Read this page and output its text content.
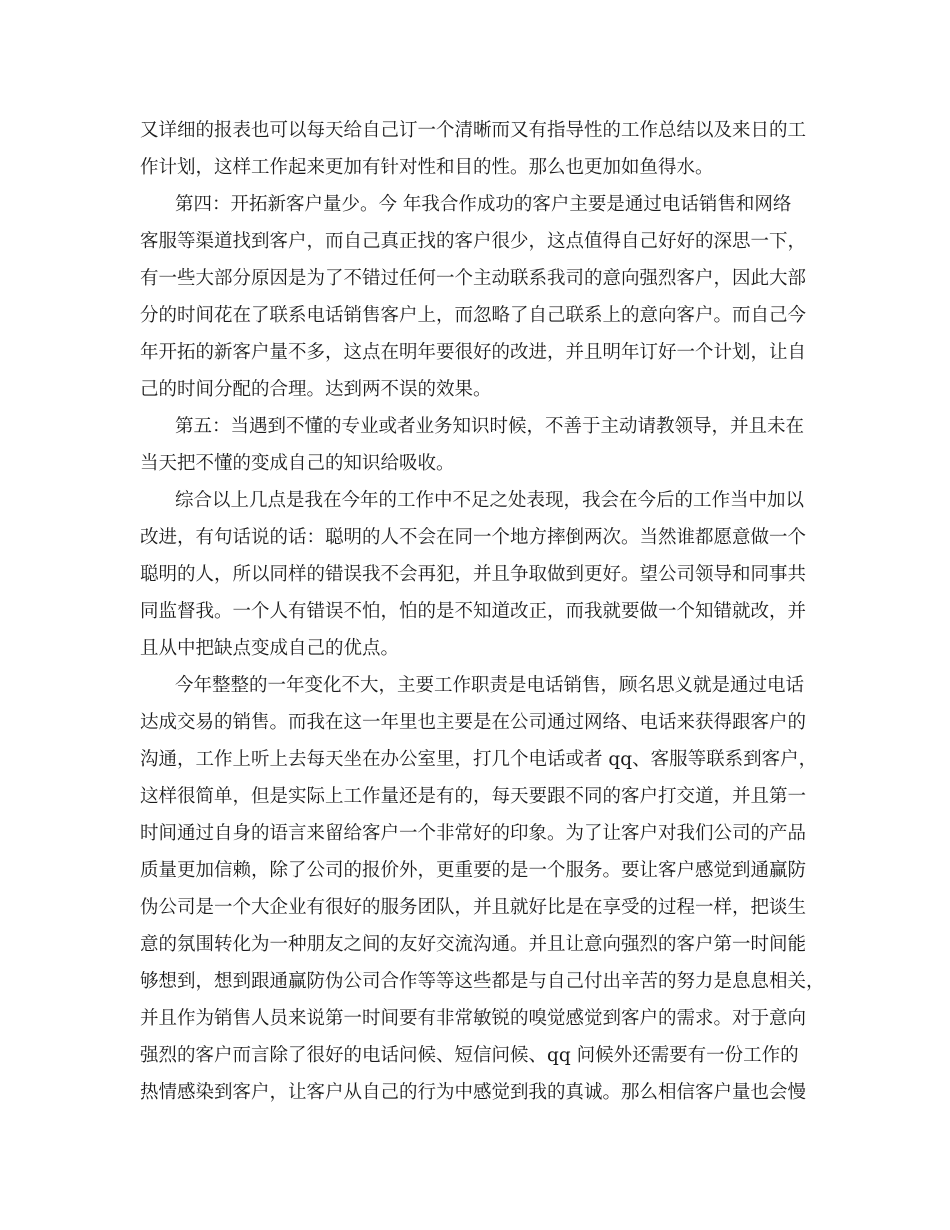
又详细的报表也可以每天给自己订一个清晰而又有指导性的工作总结以及来日的工
作计划，这样工作起来更加有针对性和目的性。那么也更加如鱼得水。
第四：开拓新客户量少。今 年我合作成功的客户主要是通过电话销售和网络
客服等渠道找到客户，而自己真正找的客户很少，这点值得自己好好的深思一下，
有一些大部分原因是为了不错过任何一个主动联系我司的意向强烈客户，因此大部
分的时间花在了联系电话销售客户上，而忽略了自己联系上的意向客户。而自己今
年开拓的新客户量不多，这点在明年要很好的改进，并且明年订好一个计划，让自
己的时间分配的合理。达到两不误的效果。
第五：当遇到不懂的专业或者业务知识时候，不善于主动请教领导，并且未在
当天把不懂的变成自己的知识给吸收。
综合以上几点是我在今年的工作中不足之处表现，我会在今后的工作当中加以
改进，有句话说的话：聪明的人不会在同一个地方摔倒两次。当然谁都愿意做一个
聪明的人，所以同样的错误我不会再犯，并且争取做到更好。望公司领导和同事共
同监督我。一个人有错误不怕，怕的是不知道改正，而我就要做一个知错就改，并
且从中把缺点变成自己的优点。
今年整整的一年变化不大，主要工作职责是电话销售，顾名思义就是通过电话
达成交易的销售。而我在这一年里也主要是在公司通过网络、电话来获得跟客户的
沟通，工作上听上去每天坐在办公室里，打几个电话或者 qq、客服等联系到客户，
这样很简单，但是实际上工作量还是有的，每天要跟不同的客户打交道，并且第一
时间通过自身的语言来留给客户一个非常好的印象。为了让客户对我们公司的产品
质量更加信赖，除了公司的报价外，更重要的是一个服务。要让客户感觉到通赢防
伪公司是一个大企业有很好的服务团队，并且就好比是在享受的过程一样，把谈生
意的氛围转化为一种朋友之间的友好交流沟通。并且让意向强烈的客户第一时间能
够想到，想到跟通赢防伪公司合作等等这些都是与自己付出辛苦的努力是息息相关，
并且作为销售人员来说第一时间要有非常敏锐的嗅觉感觉到客户的需求。对于意向
强烈的客户而言除了很好的电话问候、短信问候、qq 问候外还需要有一份工作的
热情感染到客户，让客户从自己的行为中感觉到我的真诚。那么相信客户量也会慢
